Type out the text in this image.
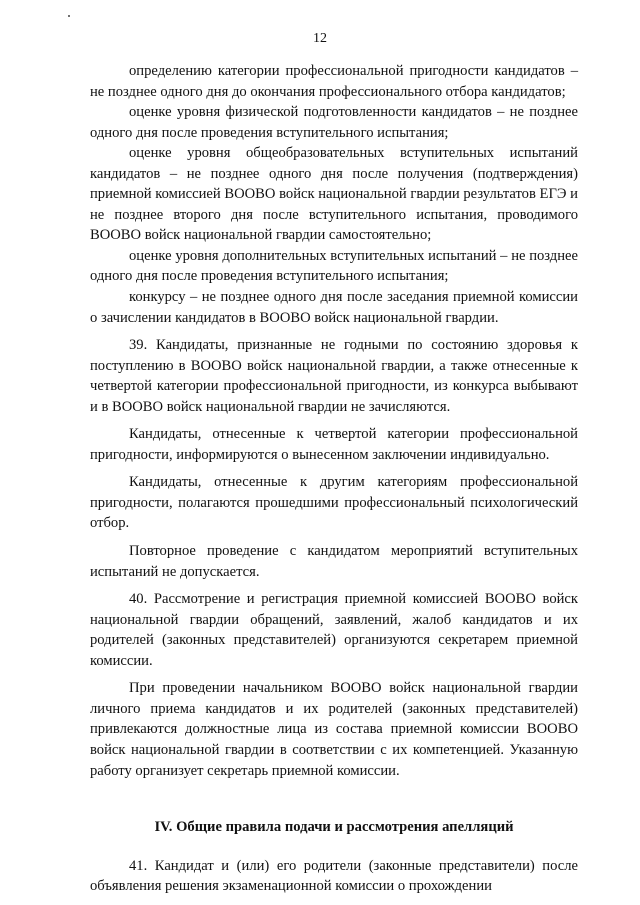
12

определению категории профессиональной пригодности кандидатов – не позднее одного дня до окончания профессионального отбора кандидатов;

оценке уровня физической подготовленности кандидатов – не позднее одного дня после проведения вступительного испытания;

оценке уровня общеобразовательных вступительных испытаний кандидатов – не позднее одного дня после получения (подтверждения) приемной комиссией ВООВО войск национальной гвардии результатов ЕГЭ и не позднее второго дня после вступительного испытания, проводимого ВООВО войск национальной гвардии самостоятельно;

оценке уровня дополнительных вступительных испытаний – не позднее одного дня после проведения вступительного испытания;

конкурсу – не позднее одного дня после заседания приемной комиссии о зачислении кандидатов в ВООВО войск национальной гвардии.

39. Кандидаты, признанные не годными по состоянию здоровья к поступлению в ВООВО войск национальной гвардии, а также отнесенные к четвертой категории профессиональной пригодности, из конкурса выбывают и в ВООВО войск национальной гвардии не зачисляются.

Кандидаты, отнесенные к четвертой категории профессиональной пригодности, информируются о вынесенном заключении индивидуально.

Кандидаты, отнесенные к другим категориям профессиональной пригодности, полагаются прошедшими профессиональный психологический отбор.

Повторное проведение с кандидатом мероприятий вступительных испытаний не допускается.

40. Рассмотрение и регистрация приемной комиссией ВООВО войск национальной гвардии обращений, заявлений, жалоб кандидатов и их родителей (законных представителей) организуются секретарем приемной комиссии.

При проведении начальником ВООВО войск национальной гвардии личного приема кандидатов и их родителей (законных представителей) привлекаются должностные лица из состава приемной комиссии ВООВО войск национальной гвардии в соответствии с их компетенцией. Указанную работу организует секретарь приемной комиссии.

IV. Общие правила подачи и рассмотрения апелляций

41. Кандидат и (или) его родители (законные представители) после объявления решения экзаменационной комиссии о прохождении
